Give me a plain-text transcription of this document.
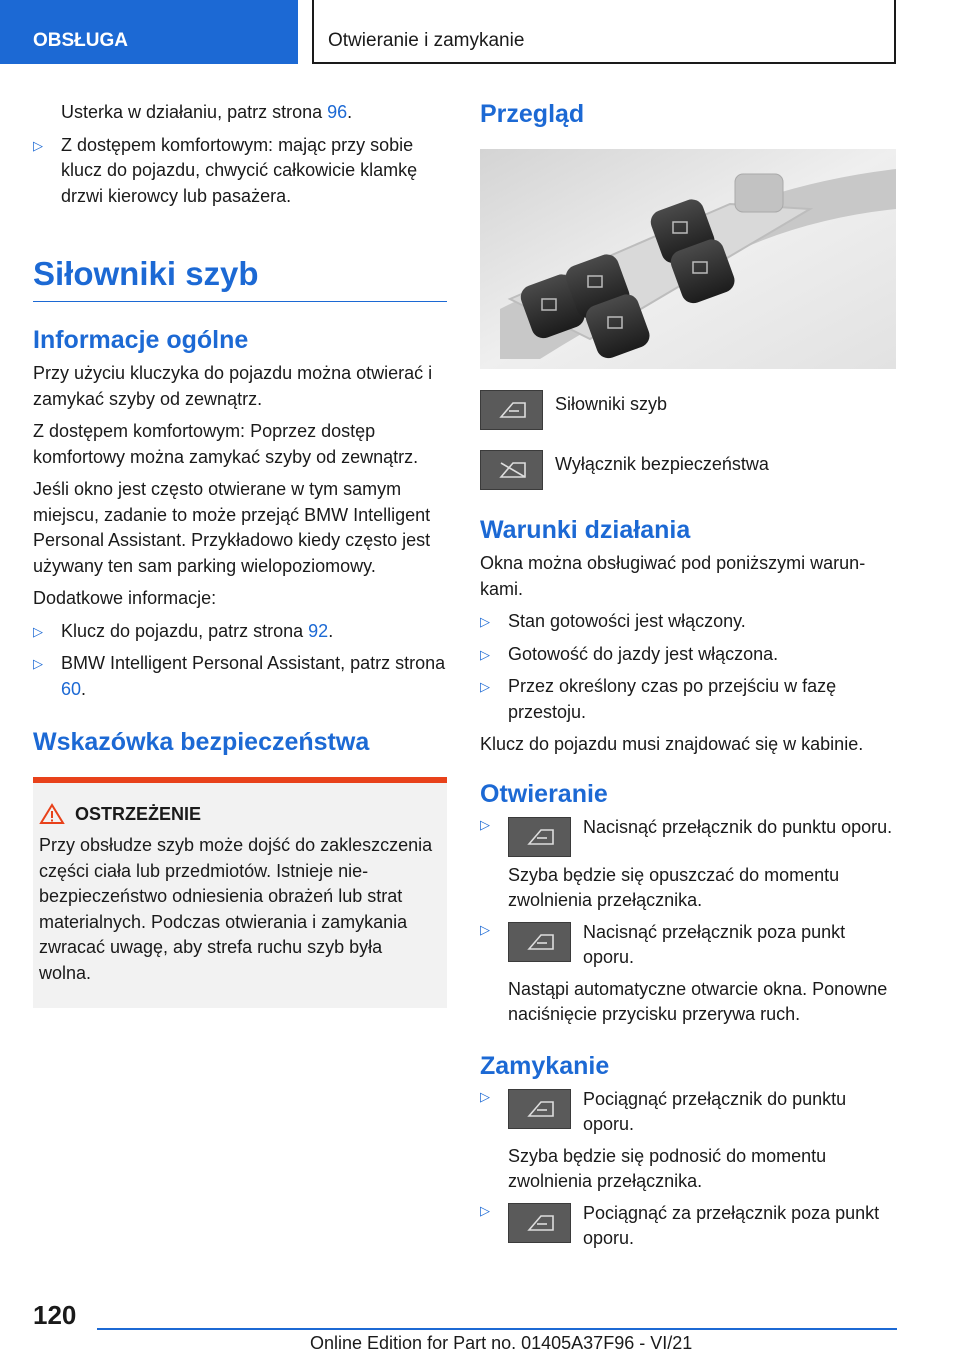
OBSŁUGA	Otwieranie i zamykanie

Usterka w działaniu, patrz strona 96.

▷ Z dostępem komfortowym: mając przy sobie klucz do pojazdu, chwycić całkowicie klamkę drzwi kierowcy lub pasażera.
Siłowniki szyb
Informacje ogólne

Przy użyciu kluczyka do pojazdu można otwierać i zamykać szyby od zewnątrz.

Z dostępem komfortowym: Poprzez dostęp komfortowy można zamykać szyby od zewnątrz.

Jeśli okno jest często otwierane w tym samym miejscu, zadanie to może przejąć BMW Intelligent Personal Assistant. Przykładowo kiedy często jest używany ten sam parking wielopoziomowy.

Dodatkowe informacje:

▷ Klucz do pojazdu, patrz strona 92.
▷ BMW Intelligent Personal Assistant, patrz strona 60.
Wskazówka bezpieczeństwa
OSTRZEŻENIE

Przy obsłudze szyb może dojść do zakleszczenia części ciała lub przedmiotów. Istnieje niebezpieczeństwo odniesienia obrażeń lub strat materialnych. Podczas otwierania i zamykania zwracać uwagę, aby strefa ruchu szyb była wolna.

Przegląd
Siłowniki szyb
Wyłącznik bezpieczeństwa
Warunki działania

Okna można obsługiwać pod poniższymi warunkami.

▷ Stan gotowości jest włączony.
▷ Gotowość do jazdy jest włączona.
▷ Przez określony czas po przejściu w fazę przestoju.

Klucz do pojazdu musi znajdować się w kabinie.

Otwieranie
▷	Nacisnąć przełącznik do punktu oporu.

Szyba będzie się opuszczać do momentu zwolnienia przełącznika.

▷	Nacisnąć przełącznik poza punkt oporu.

Nastąpi automatyczne otwarcie okna. Ponowne naciśnięcie przycisku przerywa ruch.

Zamykanie
▷	Pociągnąć przełącznik do punktu oporu.

Szyba będzie się podnosić do momentu zwolnienia przełącznika.

▷	Pociągnąć za przełącznik poza punkt oporu.
120
Online Edition for Part no. 01405A37F96 - VI/21
